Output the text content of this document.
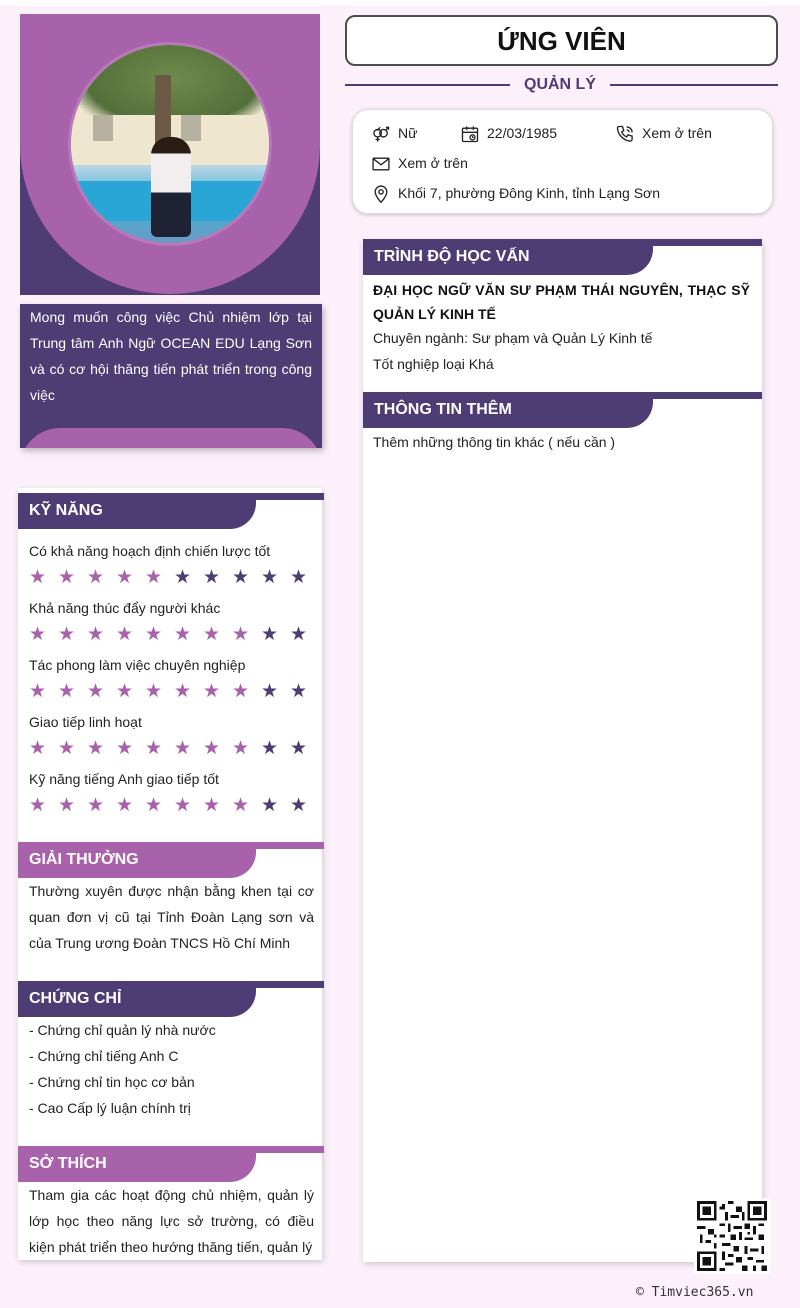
Mong muốn công việc Chủ nhiệm lớp tại Trung tâm Anh Ngữ OCEAN EDU Lạng Sơn và có cơ hội thăng tiến phát triển trong công việc

KỸ NĂNG
Có khả năng hoạch định chiến lược tốt
★ ★ ★ ★ ★ ★ ★ ★ ★ ★
Khả năng thúc đẩy người khác
★ ★ ★ ★ ★ ★ ★ ★ ★ ★
Tác phong làm việc chuyên nghiệp
★ ★ ★ ★ ★ ★ ★ ★ ★ ★
Giao tiếp linh hoạt
★ ★ ★ ★ ★ ★ ★ ★ ★ ★
Kỹ năng tiếng Anh giao tiếp tốt
★ ★ ★ ★ ★ ★ ★ ★ ★ ★
GIẢI THƯỞNG
Thường xuyên được nhận bằng khen tại cơ quan đơn vị cũ tại Tỉnh Đoàn Lạng sơn và của Trung ương Đoàn TNCS Hồ Chí Minh
CHỨNG CHỈ
- Chứng chỉ quản lý nhà nước
- Chứng chỉ tiếng Anh C
- Chứng chỉ tin học cơ bản
- Cao Cấp lý luận chính trị
SỞ THÍCH
Tham gia các hoạt động chủ nhiệm, quản lý lớp học theo năng lực sở trường, có điều kiện phát triển theo hướng thăng tiến, quản lý
ỨNG VIÊN
QUẢN LÝ
Nữ	22/03/1985	Xem ở trên
Xem ở trên
Khối 7, phường Đông Kinh, tỉnh Lạng Sơn
TRÌNH ĐỘ HỌC VẤN
ĐẠI HỌC NGỮ VĂN SƯ PHẠM THÁI NGUYÊN, THẠC SỸ QUẢN LÝ KINH TẾ
Chuyên ngành: Sư phạm và Quản Lý Kinh tế
Tốt nghiệp loại Khá
THÔNG TIN THÊM
Thêm những thông tin khác ( nếu cần )
© Timviec365.vn
